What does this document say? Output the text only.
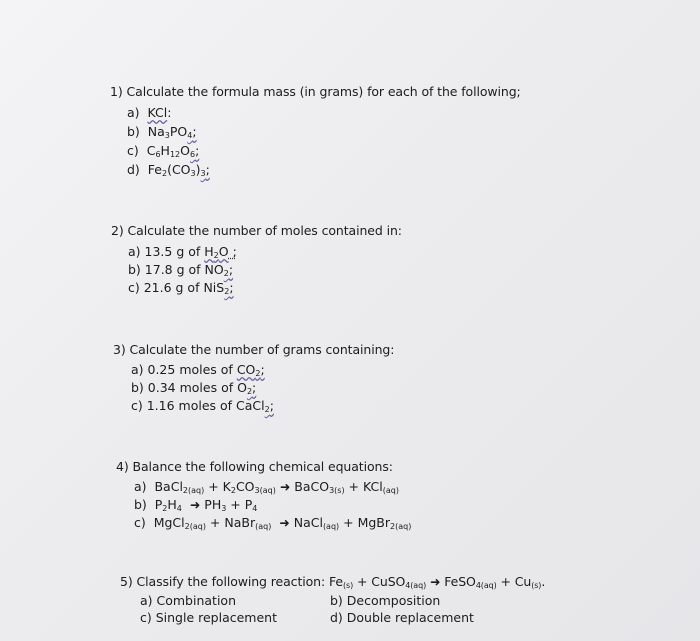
1) Calculate the formula mass (in grams) for each of the following;
a) KCl:
b) $Na_3PO_4$;
c) $C_6H_{12}O_6$;
d) $Fe_2(CO_3)_3$;
2) Calculate the number of moles contained in:
a) 13.5 g of $H_2O$ ;
b) 17.8 g of $NO_2$;
c) 21.6 g of NiS$_2$;
3) Calculate the number of grams containing:
a) 0.25 moles of $CO_2$;
b) 0.34 moles of $O_2$;
c) 1.16 moles of CaCl$_2$;
4) Balance the following chemical equations:
a)  BaCl$_{2(aq)}$ + $K_2CO_{3(aq)}$ ➜ BaCO$_{3(s)}$ + KCl$_{(aq)}$
b)  $P_2H_4$  ➜ $PH_3 + P_4$
c)  MgCl$_{2(aq)}$ + NaBr$_{(aq)}$  ➜ NaCl$_{(aq)}$ + MgBr$_{2(aq)}$
5) Classify the following reaction: $Fe_{(s)}$ + CuSO$_{4(aq)}$ ➜ FeSO$_{4(aq)}$ + $Cu_{(s)}$.
a) Combination	b) Decomposition
c) Single replacement	d) Double replacement
